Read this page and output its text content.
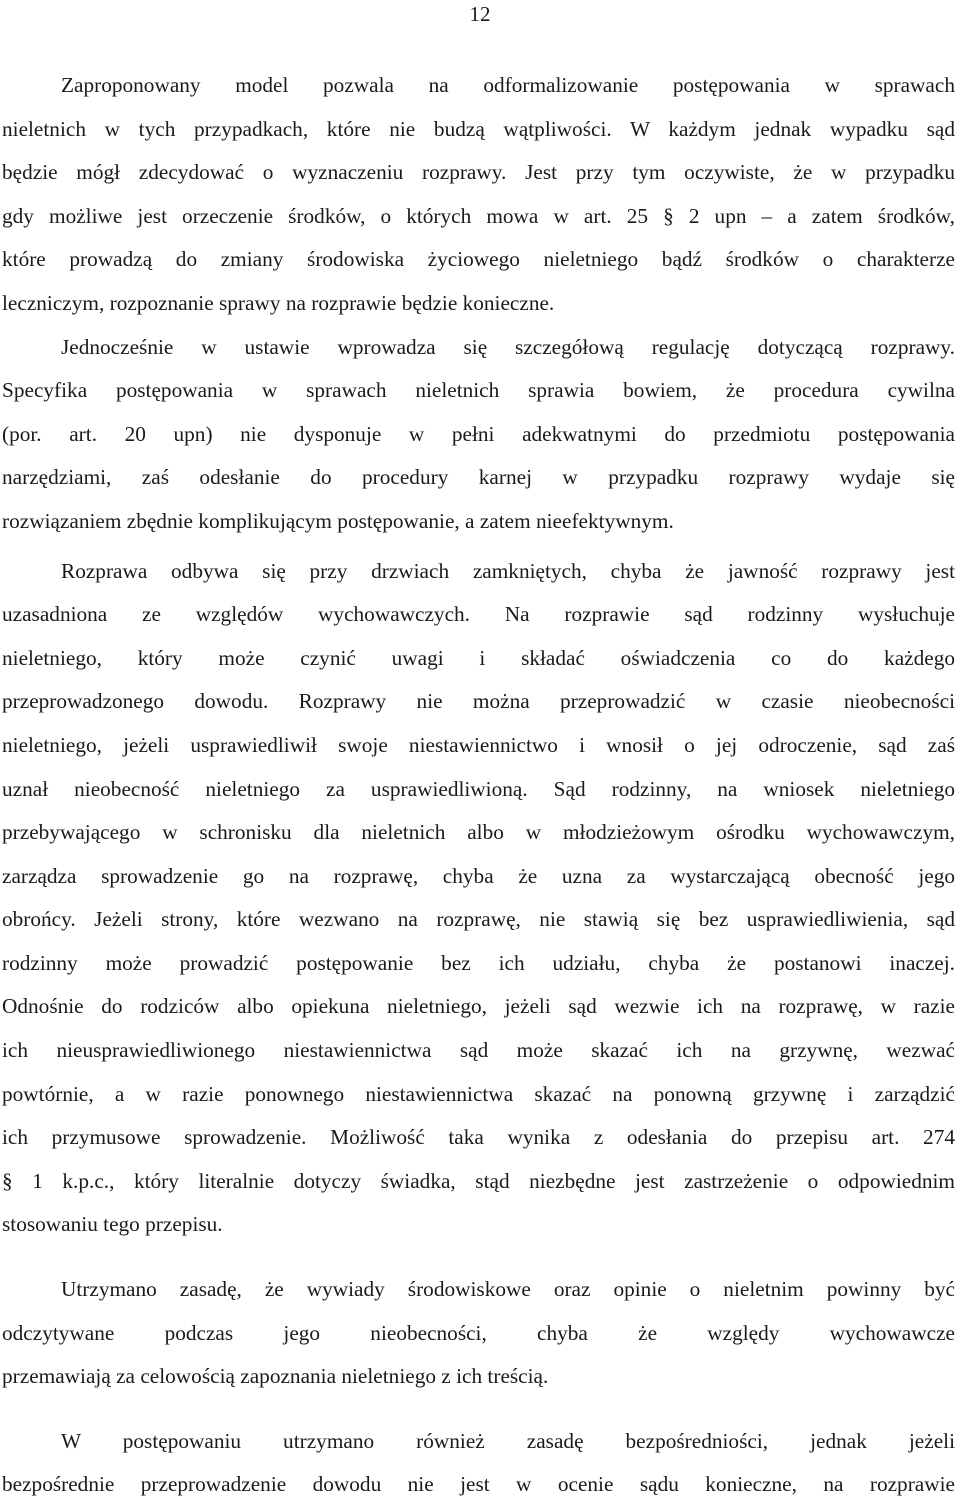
12
Zaproponowany model pozwala na odformalizowanie postępowania w sprawach
nieletnich w tych przypadkach, które nie budzą wątpliwości. W każdym jednak wypadku sąd
będzie mógł zdecydować o wyznaczeniu rozprawy. Jest przy tym oczywiste, że w przypadku
gdy możliwe jest orzeczenie środków, o których mowa w art. 25 § 2 upn – a zatem środków,
które prowadzą do zmiany środowiska życiowego nieletniego bądź środków o charakterze
leczniczym, rozpoznanie sprawy na rozprawie będzie konieczne.
Jednocześnie w ustawie wprowadza się szczegółową regulację dotyczącą rozprawy.
Specyfika postępowania w sprawach nieletnich sprawia bowiem, że procedura cywilna
(por. art. 20 upn) nie dysponuje w pełni adekwatnymi do przedmiotu postępowania
narzędziami, zaś odesłanie do procedury karnej w przypadku rozprawy wydaje się
rozwiązaniem zbędnie komplikującym postępowanie, a zatem nieefektywnym.
Rozprawa odbywa się przy drzwiach zamkniętych, chyba że jawność rozprawy jest
uzasadniona ze względów wychowawczych. Na rozprawie sąd rodzinny wysłuchuje
nieletniego, który może czynić uwagi i składać oświadczenia co do każdego
przeprowadzonego dowodu. Rozprawy nie można przeprowadzić w czasie nieobecności
nieletniego, jeżeli usprawiedliwił swoje niestawiennictwo i wnosił o jej odroczenie, sąd zaś
uznał nieobecność nieletniego za usprawiedliwioną. Sąd rodzinny, na wniosek nieletniego
przebywającego w schronisku dla nieletnich albo w młodzieżowym ośrodku wychowawczym,
zarządza sprowadzenie go na rozprawę, chyba że uzna za wystarczającą obecność jego
obrońcy. Jeżeli strony, które wezwano na rozprawę, nie stawią się bez usprawiedliwienia, sąd
rodzinny może prowadzić postępowanie bez ich udziału, chyba że postanowi inaczej.
Odnośnie do rodziców albo opiekuna nieletniego, jeżeli sąd wezwie ich na rozprawę, w razie
ich nieusprawiedliwionego niestawiennictwa sąd może skazać ich na grzywnę, wezwać
powtórnie, a w razie ponownego niestawiennictwa skazać na ponowną grzywnę i zarządzić
ich przymusowe sprowadzenie. Możliwość taka wynika z odesłania do przepisu art. 274
§ 1 k.p.c., który literalnie dotyczy świadka, stąd niezbędne jest zastrzeżenie o odpowiednim
stosowaniu tego przepisu.
Utrzymano zasadę, że wywiady środowiskowe oraz opinie o nieletnim powinny być
odczytywane podczas jego nieobecności, chyba że względy wychowawcze
przemawiają za celowością zapoznania nieletniego z ich treścią.
W postępowaniu utrzymano również zasadę bezpośredniości, jednak jeżeli
bezpośrednie przeprowadzenie dowodu nie jest w ocenie sądu konieczne, na rozprawie
